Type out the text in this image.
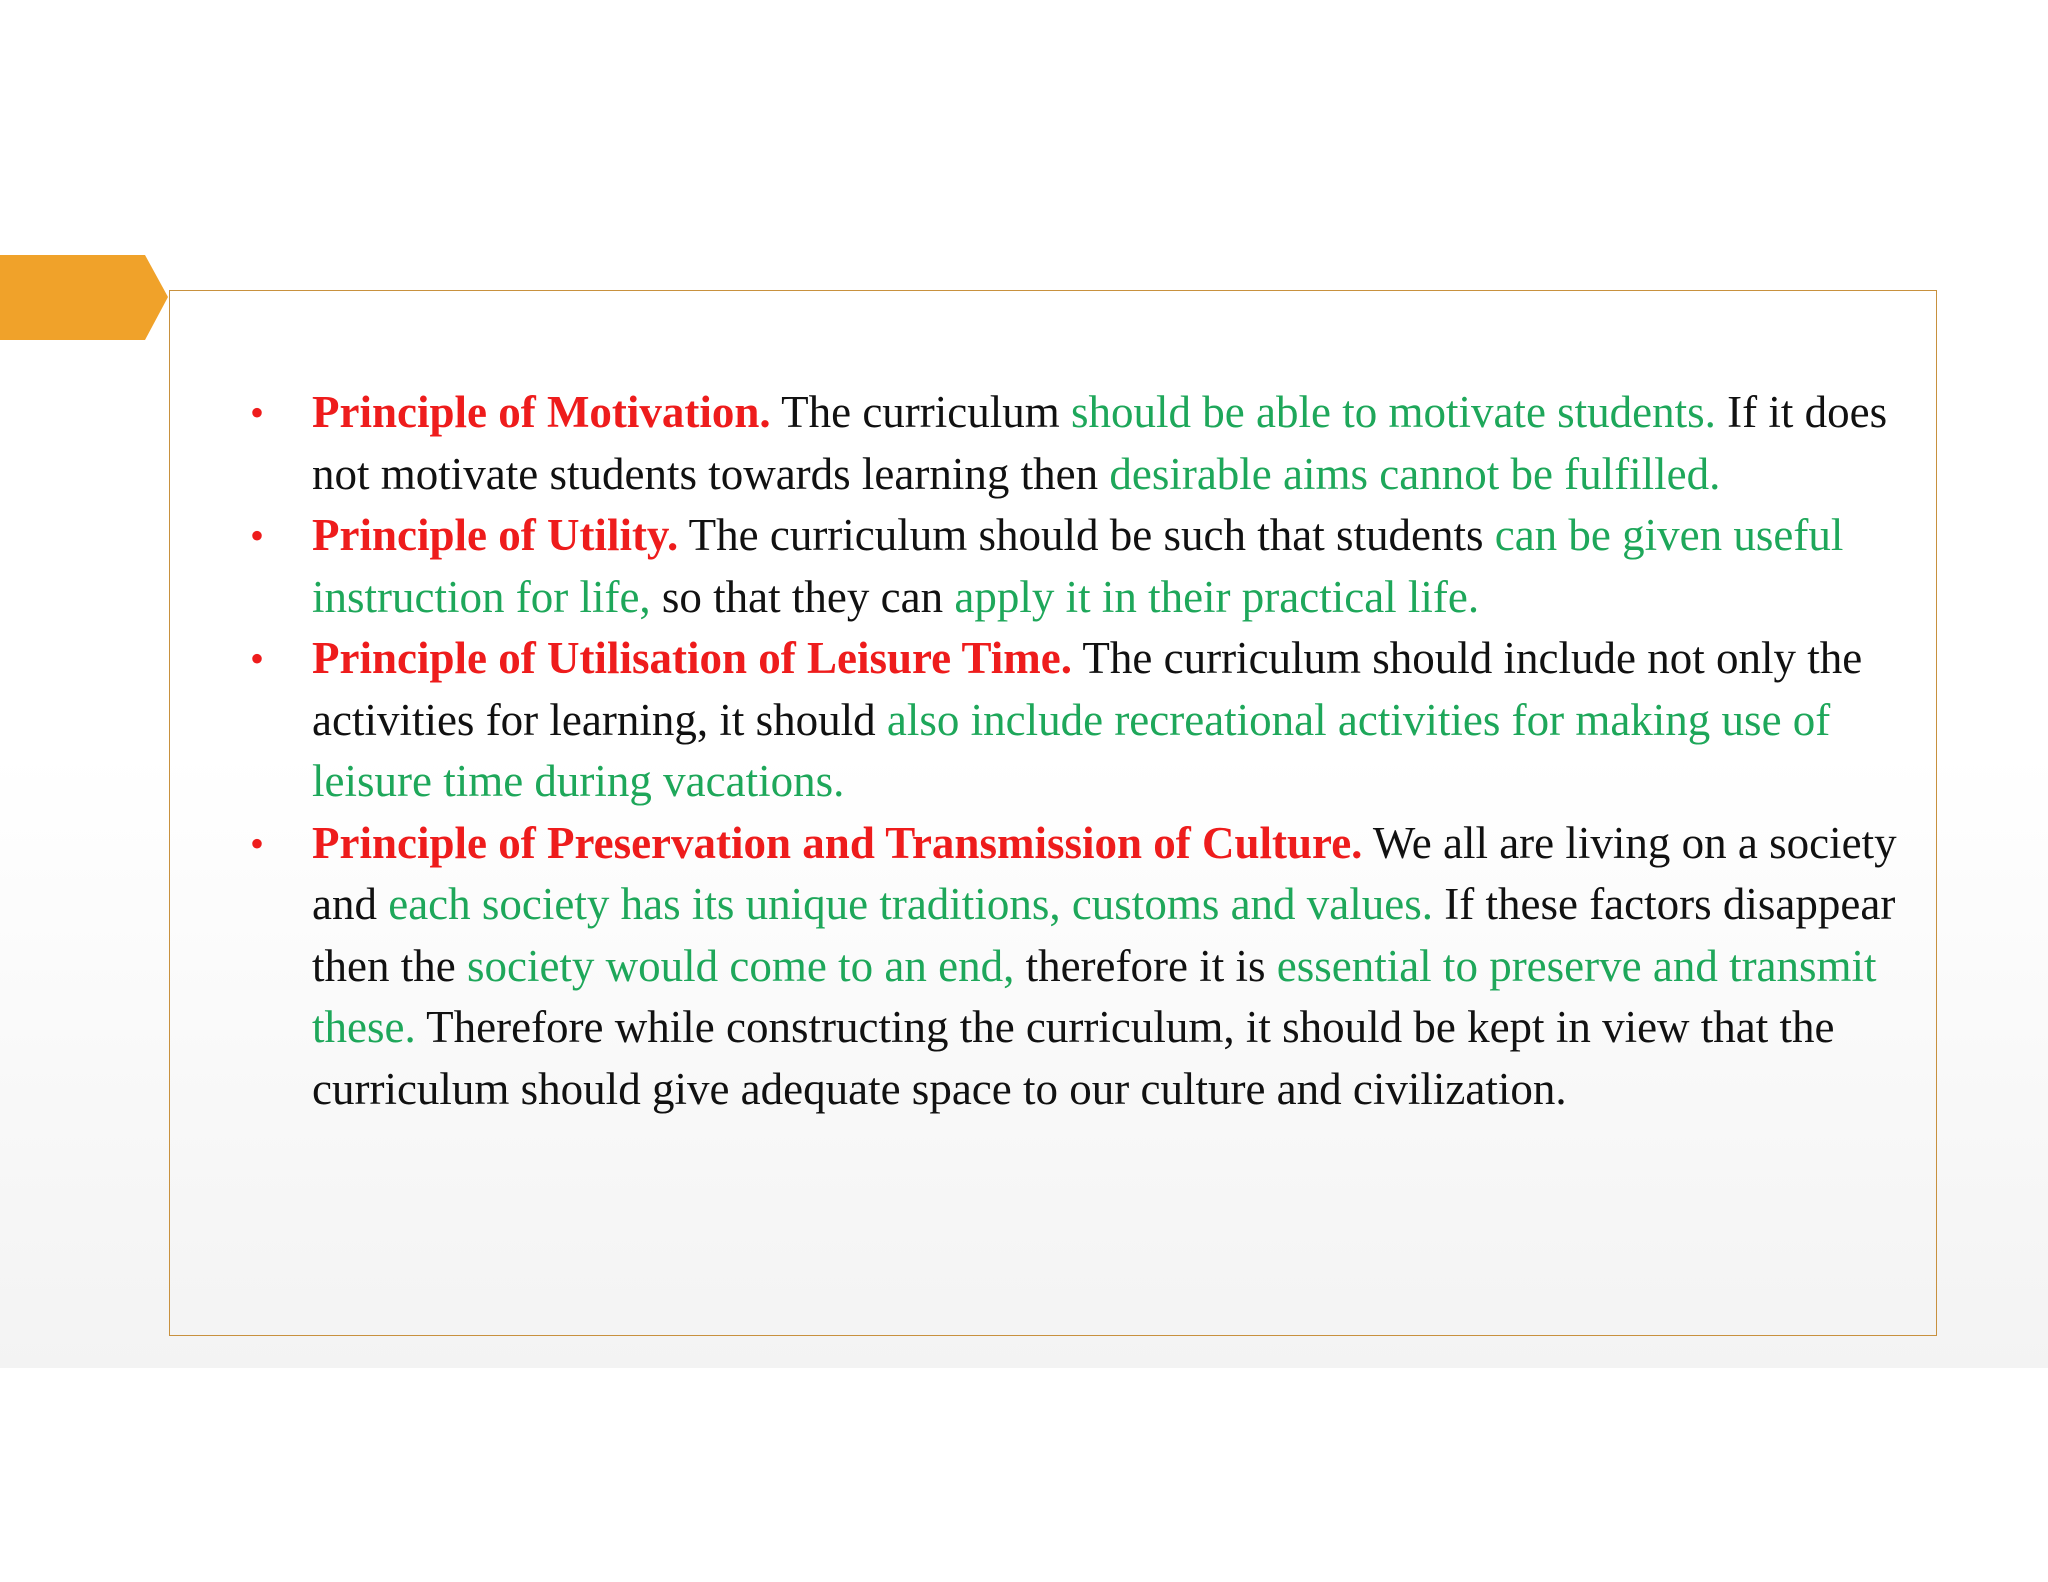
• Principle of Motivation. The curriculum should be able to motivate students. If it does not motivate students towards learning then desirable aims cannot be fulfilled.
• Principle of Utility. The curriculum should be such that students can be given useful instruction for life, so that they can apply it in their practical life.
• Principle of Utilisation of Leisure Time. The curriculum should include not only the activities for learning, it should also include recreational activities for making use of leisure time during vacations.
• Principle of Preservation and Transmission of Culture. We all are living on a society and each society has its unique traditions, customs and values. If these factors disappear then the society would come to an end, therefore it is essential to preserve and transmit these. Therefore while constructing the curriculum, it should be kept in view that the curriculum should give adequate space to our culture and civilization.
